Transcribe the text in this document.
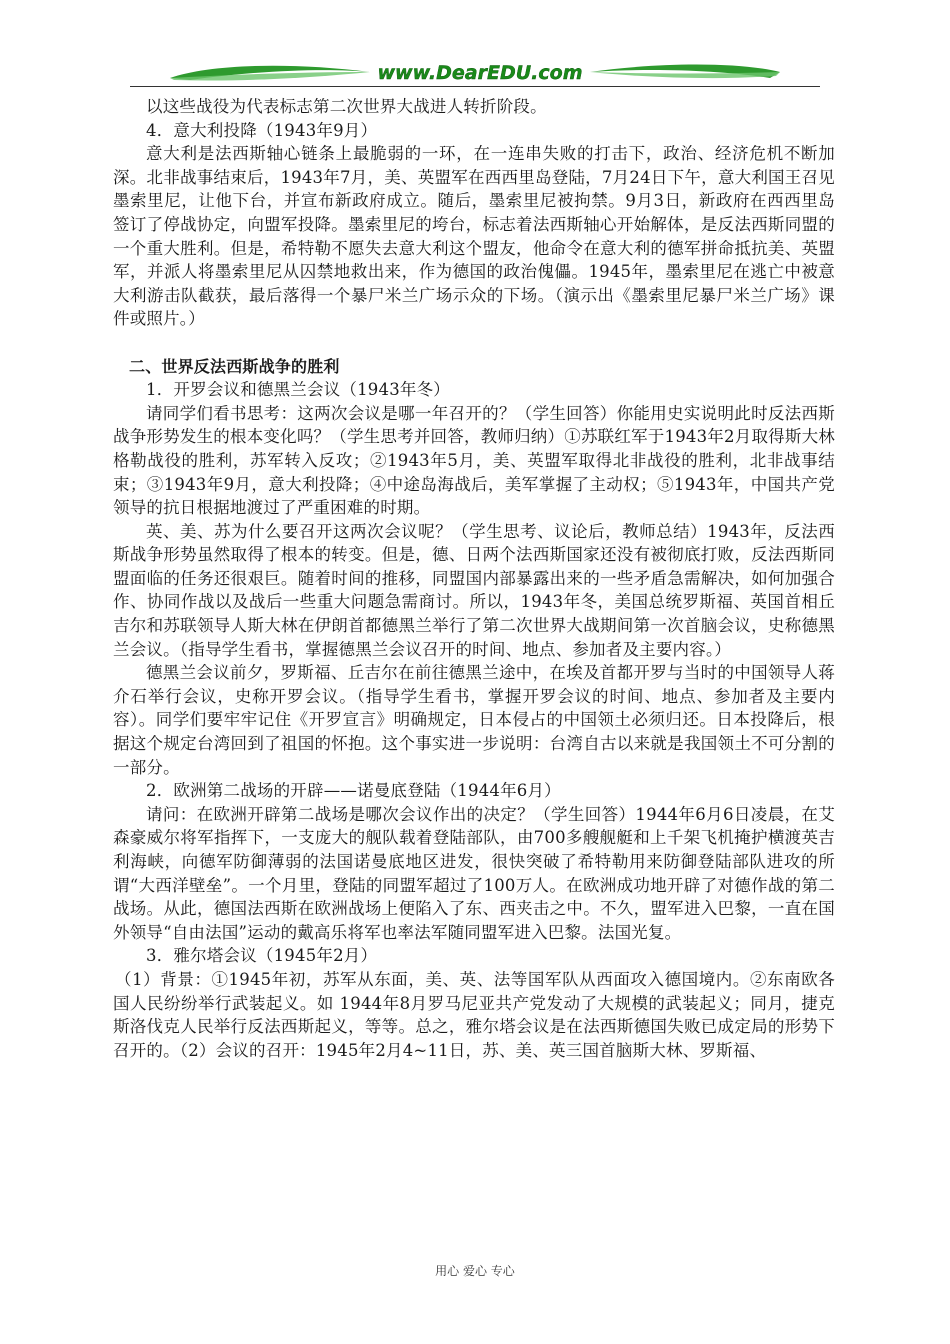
www.DearEDU.com

以这些战役为代表标志第二次世界大战进人转折阶段。

4．意大利投降（1943年9月）

意大利是法西斯轴心链条上最脆弱的一环，在一连串失败的打击下，政治、经济危机不断加深。北非战事结束后，1943年7月，美、英盟军在西西里岛登陆，7月24日下午，意大利国王召见墨索里尼，让他下台，并宣布新政府成立。随后，墨索里尼被拘禁。9月3日，新政府在西西里岛签订了停战协定，向盟军投降。墨索里尼的垮台，标志着法西斯轴心开始解体，是反法西斯同盟的一个重大胜利。但是，希特勒不愿失去意大利这个盟友，他命令在意大利的德军拼命抵抗美、英盟军，并派人将墨索里尼从囚禁地救出来，作为德国的政治傀儡。1945年，墨索里尼在逃亡中被意大利游击队截获，最后落得一个暴尸米兰广场示众的下场。（演示出《墨索里尼暴尸米兰广场》课件或照片。）

二、世界反法西斯战争的胜利

1．开罗会议和德黑兰会议（1943年冬）

请同学们看书思考：这两次会议是哪一年召开的？（学生回答）你能用史实说明此时反法西斯战争形势发生的根本变化吗？（学生思考并回答，教师归纳）①苏联红军于1943年2月取得斯大林格勒战役的胜利，苏军转入反攻；②1943年5月，美、英盟军取得北非战役的胜利，北非战事结束；③1943年9月，意大利投降；④中途岛海战后，美军掌握了主动权；⑤1943年，中国共产党领导的抗日根据地渡过了严重困难的时期。

英、美、苏为什么要召开这两次会议呢？（学生思考、议论后，教师总结）1943年，反法西斯战争形势虽然取得了根本的转变。但是，德、日两个法西斯国家还没有被彻底打败，反法西斯同盟面临的任务还很艰巨。随着时间的推移，同盟国内部暴露出来的一些矛盾急需解决，如何加强合作、协同作战以及战后一些重大问题急需商讨。所以，1943年冬，美国总统罗斯福、英国首相丘吉尔和苏联领导人斯大林在伊朗首都德黑兰举行了第二次世界大战期间第一次首脑会议，史称德黑兰会议。（指导学生看书，掌握德黑兰会议召开的时间、地点、参加者及主要内容。）

德黑兰会议前夕，罗斯福、丘吉尔在前往德黑兰途中，在埃及首都开罗与当时的中国领导人蒋介石举行会议，史称开罗会议。（指导学生看书，掌握开罗会议的时间、地点、参加者及主要内容）。同学们要牢牢记住《开罗宣言》明确规定，日本侵占的中国领土必须归还。日本投降后，根据这个规定台湾回到了祖国的怀抱。这个事实进一步说明：台湾自古以来就是我国领土不可分割的一部分。

2．欧洲第二战场的开辟——诺曼底登陆（1944年6月）

请问：在欧洲开辟第二战场是哪次会议作出的决定？（学生回答）1944年6月6日凌晨，在艾森豪威尔将军指挥下，一支庞大的舰队载着登陆部队，由700多艘舰艇和上千架飞机掩护横渡英吉利海峡，向德军防御薄弱的法国诺曼底地区进发，很快突破了希特勒用来防御登陆部队进攻的所谓“大西洋壁垒”。一个月里，登陆的同盟军超过了100万人。在欧洲成功地开辟了对德作战的第二战场。从此，德国法西斯在欧洲战场上便陷入了东、西夹击之中。不久，盟军进入巴黎，一直在国外领导“自由法国”运动的戴高乐将军也率法军随同盟军进入巴黎。法国光复。

3．雅尔塔会议（1945年2月）

（1）背景：①1945年初，苏军从东面，美、英、法等国军队从西面攻入德国境内。②东南欧各国人民纷纷举行武装起义。如 1944年8月罗马尼亚共产党发动了大规模的武装起义；同月，捷克斯洛伐克人民举行反法西斯起义，等等。总之，雅尔塔会议是在法西斯德国失败已成定局的形势下召开的。（2）会议的召开：1945年2月4~11日，苏、美、英三国首脑斯大林、罗斯福、

用心 爱心 专心
